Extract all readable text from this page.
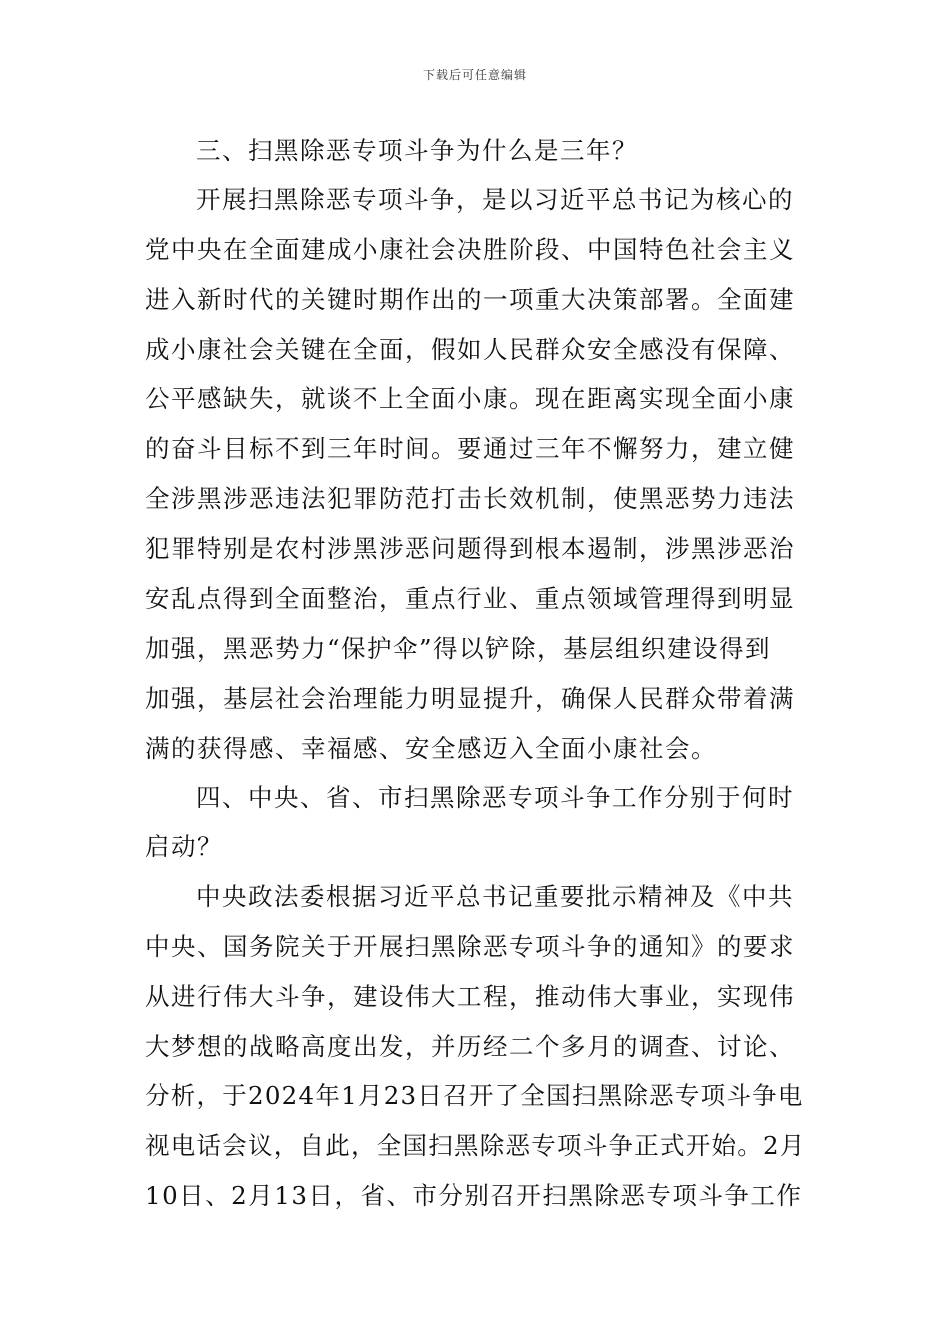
下载后可任意编辑
三、扫黑除恶专项斗争为什么是三年？
开展扫黑除恶专项斗争，是以习近平总书记为核心的
党中央在全面建成小康社会决胜阶段、中国特色社会主义
进入新时代的关键时期作出的一项重大决策部署。全面建
成小康社会关键在全面，假如人民群众安全感没有保障、
公平感缺失，就谈不上全面小康。现在距离实现全面小康
的奋斗目标不到三年时间。要通过三年不懈努力，建立健
全涉黑涉恶违法犯罪防范打击长效机制，使黑恶势力违法
犯罪特别是农村涉黑涉恶问题得到根本遏制，涉黑涉恶治
安乱点得到全面整治，重点行业、重点领域管理得到明显
加强，黑恶势力“保护伞”得以铲除，基层组织建设得到
加强，基层社会治理能力明显提升，确保人民群众带着满
满的获得感、幸福感、安全感迈入全面小康社会。
四、中央、省、市扫黑除恶专项斗争工作分别于何时
启动？
中央政法委根据习近平总书记重要批示精神及《中共
中央、国务院关于开展扫黑除恶专项斗争的通知》的要求
从进行伟大斗争，建设伟大工程，推动伟大事业，实现伟
大梦想的战略高度出发，并历经二个多月的调查、讨论、
分析，于2024年1月23日召开了全国扫黑除恶专项斗争电
视电话会议，自此，全国扫黑除恶专项斗争正式开始。2月
10日、2月13日，省、市分别召开扫黑除恶专项斗争工作
